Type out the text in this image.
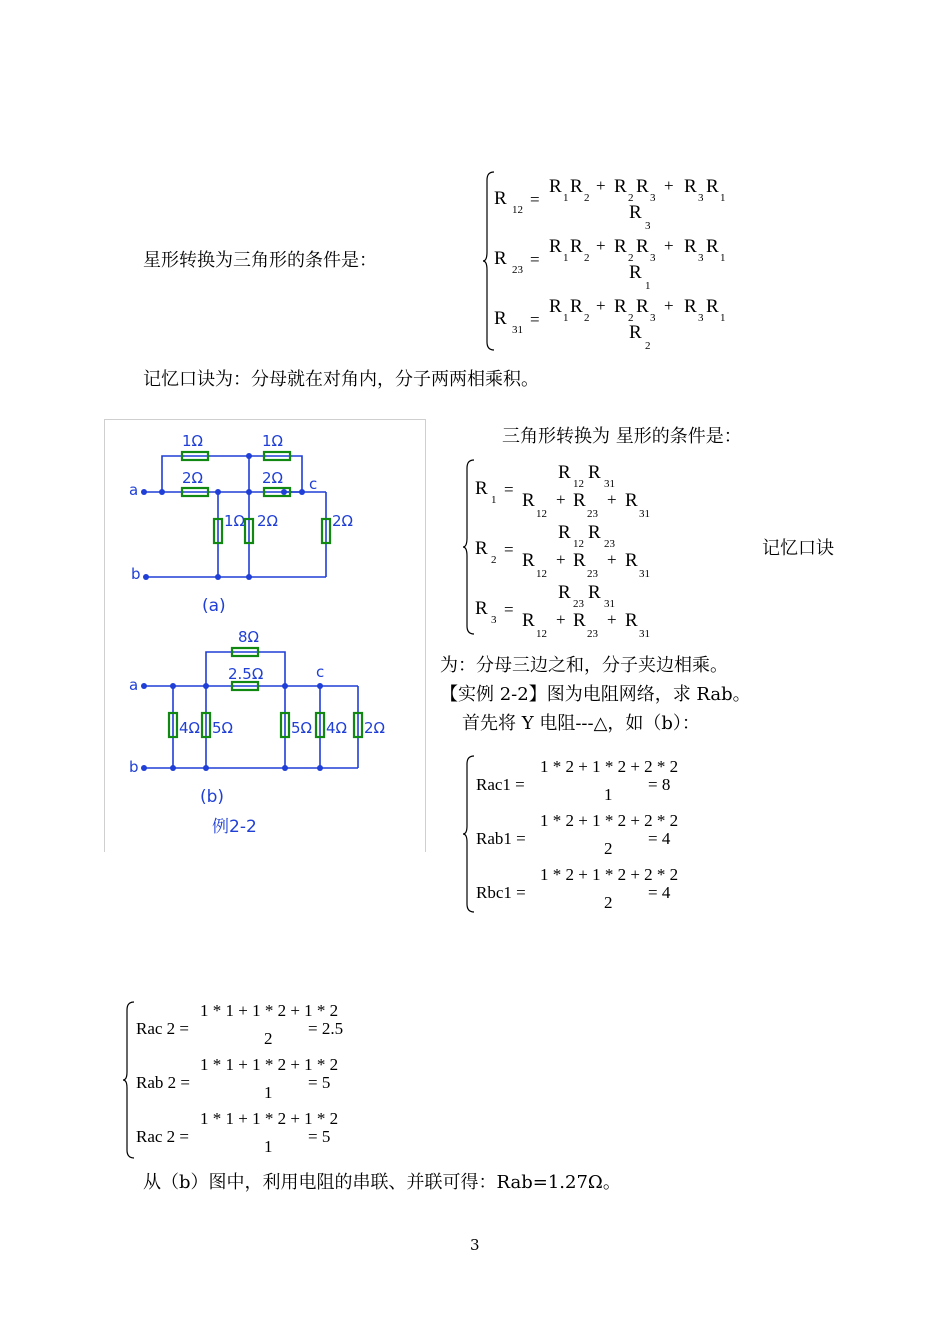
星形转换为三角形的条件是：
R
12
=
R
1
R
2
R
2
R
3
R
3
R
1
+	+
R
3
R
23
=
R
1
R
2
R
2
R
3
R
3
R
1
+	+
R
1
R
31
=
R
1
R
2
R
2
R
3
R
3
R
1
+	+
R
2
记忆口诀为：分母就在对角内，分子两两相乘积。
1Ω	1Ω
2Ω	2Ω
1Ω 2Ω	2Ω
a
b
c
(a)
8Ω
2.5Ω
4Ω 5Ω	5Ω 4Ω 2Ω
a
b
c
(b)
例2-2
三角形转换为 星形的条件是：
R
1
=
R
12
R
31
R
12
R
23
R
31
+ +
R
2
=
R
12
R
23
R
12
R
23
R
31
+ +
R
3
=
R
23
R
31
R
12
R
23
R
31
+ +
记忆口诀
为：分母三边之和，分子夹边相乘。
【实例 2-2】图为电阻网络，求 Rab。
首先将 Y 电阻---△，如（b）：
Rac1 =
1 * 2 + 1 * 2 + 2 * 2
1
= 8
Rab1 =
1 * 2 + 1 * 2 + 2 * 2
2
= 4
Rbc1 =
1 * 2 + 1 * 2 + 2 * 2
2
= 4
Rac 2 =
1 * 1 + 1 * 2 + 1 * 2
2
= 2.5
Rab 2 =
1 * 1 + 1 * 2 + 1 * 2
1
= 5
Rac 2 =
1 * 1 + 1 * 2 + 1 * 2
1
= 5
从（b）图中，利用电阻的串联、并联可得：Rab=1.27Ω。
3
